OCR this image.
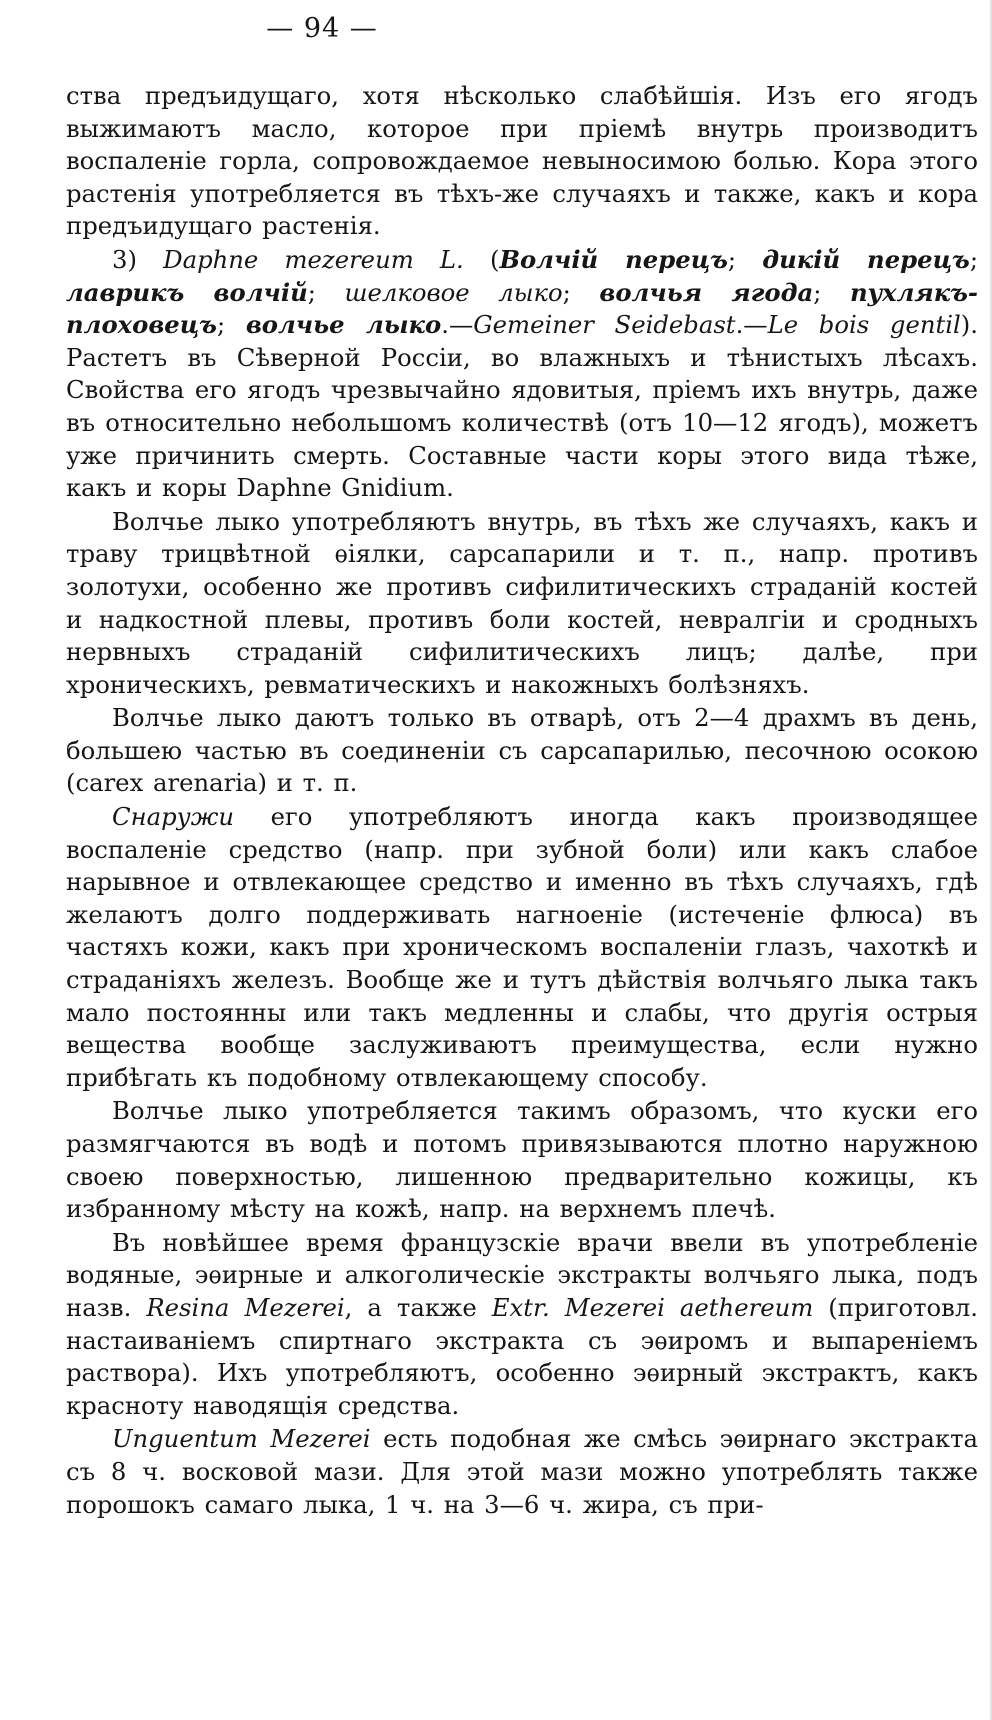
— 94 —

ства предъидущаго, хотя нѣсколько слабѣйшія. Изъ его ягодъ выжимаютъ масло, которое при пріемѣ внутрь производитъ воспаленіе горла, сопровождаемое невыносимою болью. Кора этого растенія употребляется въ тѣхъ-же случаяхъ и также, какъ и кора предъидущаго растенія.

3) Daphne mezereum L. (Волчій перецъ; дикій перецъ; лаврикъ волчій; шелковое лыко; волчья ягода; пухлякъ-плоховецъ; волчье лыко.—Gemeiner Seidebast.—Le bois gentil). Растетъ въ Сѣверной Россіи, во влажныхъ и тѣнистыхъ лѣсахъ. Свойства его ягодъ чрезвычайно ядовитыя, пріемъ ихъ внутрь, даже въ относительно небольшомъ количествѣ (отъ 10—12 ягодъ), можетъ уже причинить смерть. Составные части коры этого вида тѣже, какъ и коры Daphne Gnidium.

Волчье лыко употребляютъ внутрь, въ тѣхъ же случаяхъ, какъ и траву трицвѣтной ѳіялки, сарсапарили и т. п., напр. противъ золотухи, особенно же противъ сифилитическихъ страданій костей и надкостной плевы, противъ боли костей, невралгіи и сродныхъ нервныхъ страданій сифилитическихъ лицъ; далѣе, при хроническихъ, ревматическихъ и накожныхъ болѣзняхъ.

Волчье лыко даютъ только въ отварѣ, отъ 2—4 драхмъ въ день, большею частью въ соединеніи съ сарсапарилью, песочною осокою (carex arenaria) и т. п.

Снаружи его употребляютъ иногда какъ производящее воспаленіе средство (напр. при зубной боли) или какъ слабое нарывное и отвлекающее средство и именно въ тѣхъ случаяхъ, гдѣ желаютъ долго поддерживать нагноеніе (истеченіе флюса) въ частяхъ кожи, какъ при хроническомъ воспаленіи глазъ, чахоткѣ и страданіяхъ железъ. Вообще же и тутъ дѣйствія волчьяго лыка такъ мало постоянны или такъ медленны и слабы, что другія острыя вещества вообще заслуживаютъ преимущества, если нужно прибѣгать къ подобному отвлекающему способу.

Волчье лыко употребляется такимъ образомъ, что куски его размягчаются въ водѣ и потомъ привязываются плотно наружною своею поверхностью, лишенною предварительно кожицы, къ избранному мѣсту на кожѣ, напр. на верхнемъ плечѣ.

Въ новѣйшее время французскіе врачи ввели въ употребленіе водяные, эѳирные и алкоголическіе экстракты волчьяго лыка, подъ назв. Resina Mezerei, а также Extr. Mezerei aethereum (приготовл. настаиваніемъ спиртнаго экстракта съ эѳиромъ и выпареніемъ раствора). Ихъ употребляютъ, особенно эѳирный экстрактъ, какъ красноту наводящія средства.

Unguentum Mezerei есть подобная же смѣсь эѳирнаго экстракта съ 8 ч. восковой мази. Для этой мази можно употреблять также порошокъ самаго лыка, 1 ч. на 3—6 ч. жира, съ при-
